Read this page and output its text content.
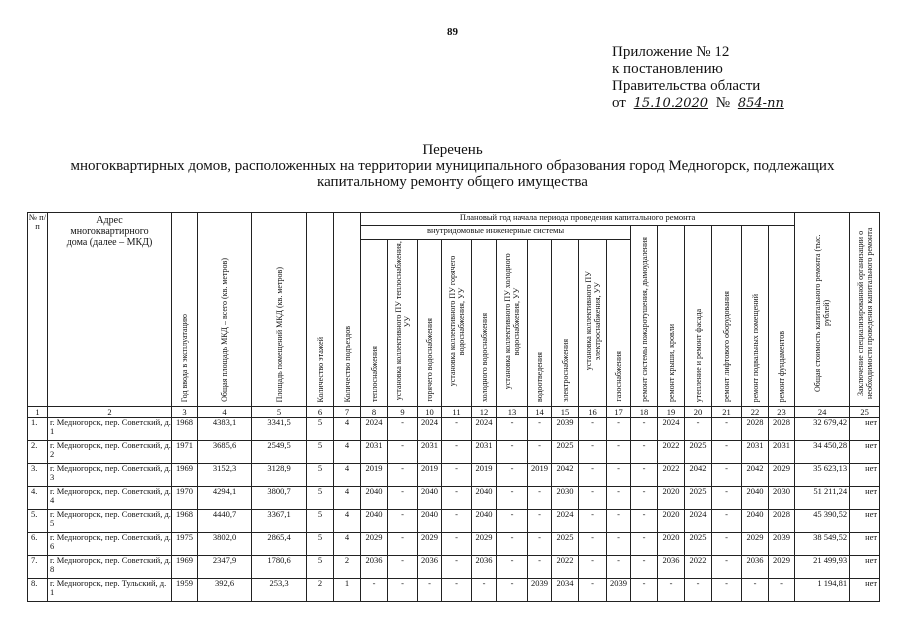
89
Приложение № 12
к постановлению
Правительства области
от 15.10.2020 № 854-пп
Перечень
многоквартирных домов, расположенных на территории муниципального образования город Медногорск, подлежащих
капитальному ремонту общего имущества
№ п/п	Адрес многоквартирного дома (далее – МКД)	Год ввода в эксплуатацию	Общая площадь МКД – всего (кв. метров)	Площадь помещений МКД (кв. метров)	Количество этажей	Количество подъездов	Плановый год начала периода проведения капитального ремонта																Общая стоимость капитального ремонта (тыс. рублей)	Заключение специализированной организации о необходимости проведения капитального ремонта
							внутридомовые инженерные системы										ремонт системы пожаротушения, дымоудаления	ремонт крыши, кровли	утепление и ремонт фасада	ремонт лифтового оборудования	ремонт подвальных помещений	ремонт фундаментов		
							теплоснабжения	установка коллективного ПУ теплоснабжения, УУ	горячего водоснабжения	установка коллективного ПУ горячего водоснабжения, УУ	холодного водоснабжения	установка коллективного ПУ холодного водоснабжения, УУ	водоотведения	электроснабжения	установка коллективного ПУ электроснабжения, УУ	газоснабжения								
1	2	3	4	5	6	7	8	9	10	11	12	13	14	15	16	17	18	19	20	21	22	23	24	25
1.	г. Медногорск, пер. Советский, д. 1	1968	4383,1	3341,5	5	4	2024	-	2024	-	2024	-	-	2039	-	-	-	2024	-	-	2028	2028	32 679,42	нет
2.	г. Медногорск, пер. Советский, д. 2	1971	3685,6	2549,5	5	4	2031	-	2031	-	2031	-	-	2025	-	-	-	2022	2025	-	2031	2031	34 450,28	нет
3.	г. Медногорск, пер. Советский, д. 3	1969	3152,3	3128,9	5	4	2019	-	2019	-	2019	-	2019	2042	-	-	-	2022	2042	-	2042	2029	35 623,13	нет
4.	г. Медногорск, пер. Советский, д. 4	1970	4294,1	3800,7	5	4	2040	-	2040	-	2040	-	-	2030	-	-	-	2020	2025	-	2040	2030	51 211,24	нет
5.	г. Медногорск, пер. Советский, д. 5	1968	4440,7	3367,1	5	4	2040	-	2040	-	2040	-	-	2024	-	-	-	2020	2024	-	2040	2028	45 390,52	нет
6.	г. Медногорск, пер. Советский, д. 6	1975	3802,0	2865,4	5	4	2029	-	2029	-	2029	-	-	2025	-	-	-	2020	2025	-	2029	2039	38 549,52	нет
7.	г. Медногорск, пер. Советский, д. 8	1969	2347,9	1780,6	5	2	2036	-	2036	-	2036	-	-	2022	-	-	-	2036	2022	-	2036	2029	21 499,93	нет
8.	г. Медногорск, пер. Тульский, д. 1	1959	392,6	253,3	2	1	-	-	-	-	-	-	2039	2034	-	2039	-	-	-	-	-	-	1 194,81	нет
